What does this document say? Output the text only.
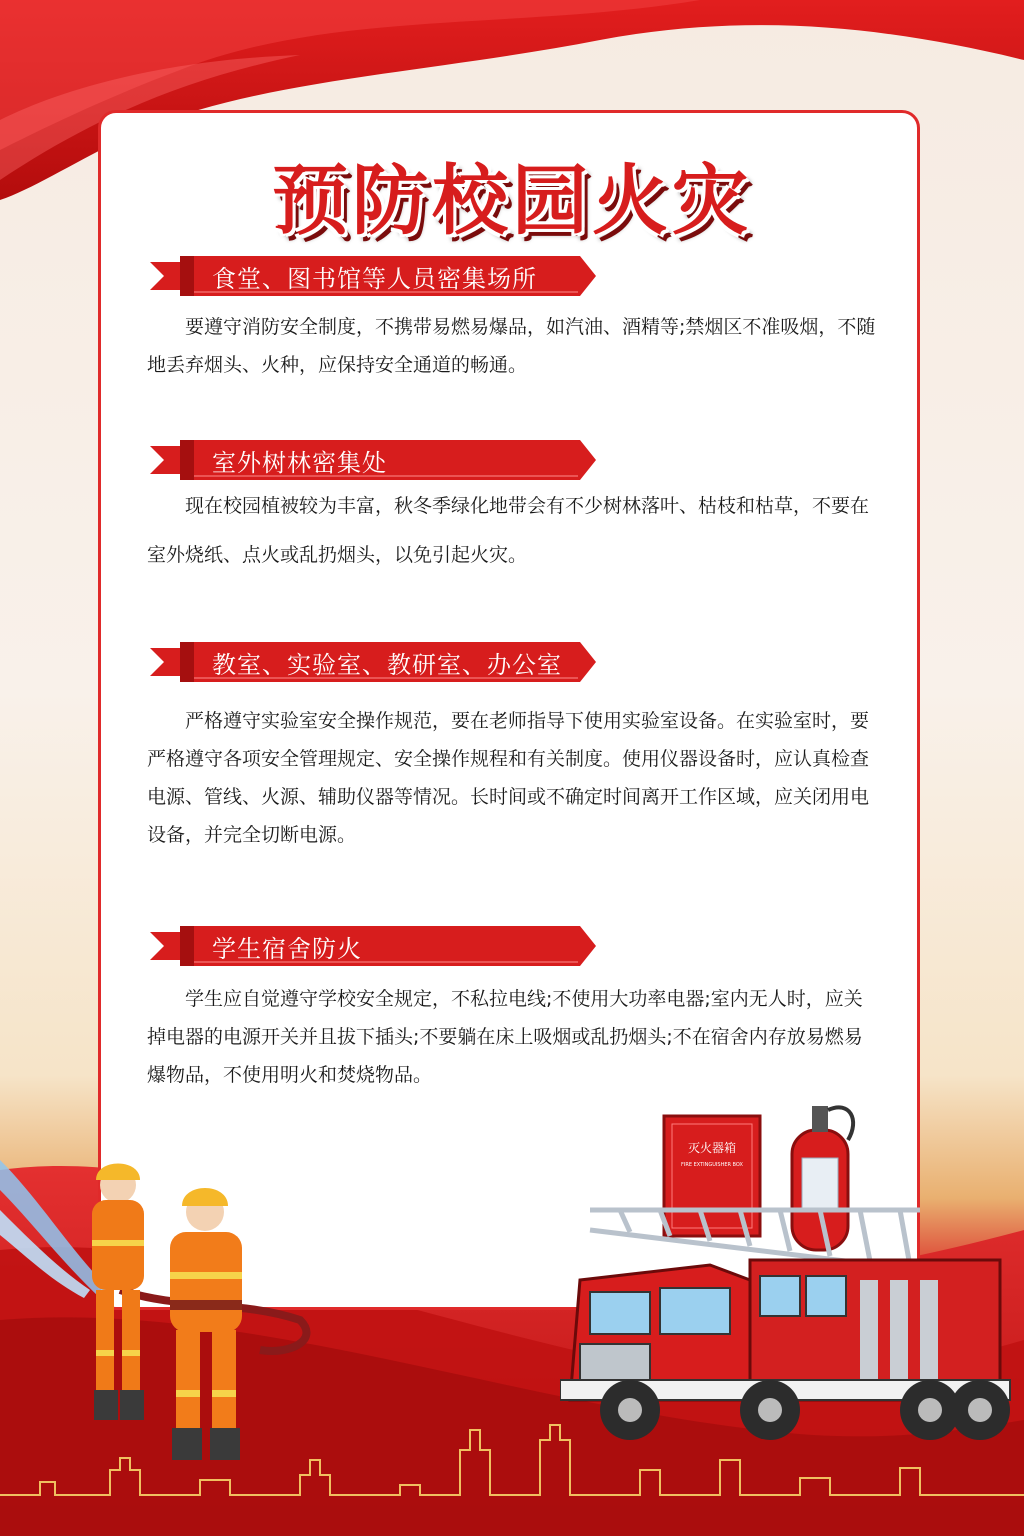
预防校园火灾
食堂、图书馆等人员密集场所
要遵守消防安全制度，不携带易燃易爆品，如汽油、酒精等;禁烟区不准吸烟，不随地丢弃烟头、火种，应保持安全通道的畅通。
室外树林密集处
现在校园植被较为丰富，秋冬季绿化地带会有不少树林落叶、枯枝和枯草，不要在室外烧纸、点火或乱扔烟头，以免引起火灾。
教室、实验室、教研室、办公室
严格遵守实验室安全操作规范，要在老师指导下使用实验室设备。在实验室时，要严格遵守各项安全管理规定、安全操作规程和有关制度。使用仪器设备时，应认真检查电源、管线、火源、辅助仪器等情况。长时间或不确定时间离开工作区域，应关闭用电设备，并完全切断电源。
学生宿舍防火
学生应自觉遵守学校安全规定，不私拉电线;不使用大功率电器;室内无人时，应关掉电器的电源开关并且拔下插头;不要躺在床上吸烟或乱扔烟头;不在宿舍内存放易燃易爆物品，不使用明火和焚烧物品。
灭火器箱
FIRE EXTINGUISHER BOX
